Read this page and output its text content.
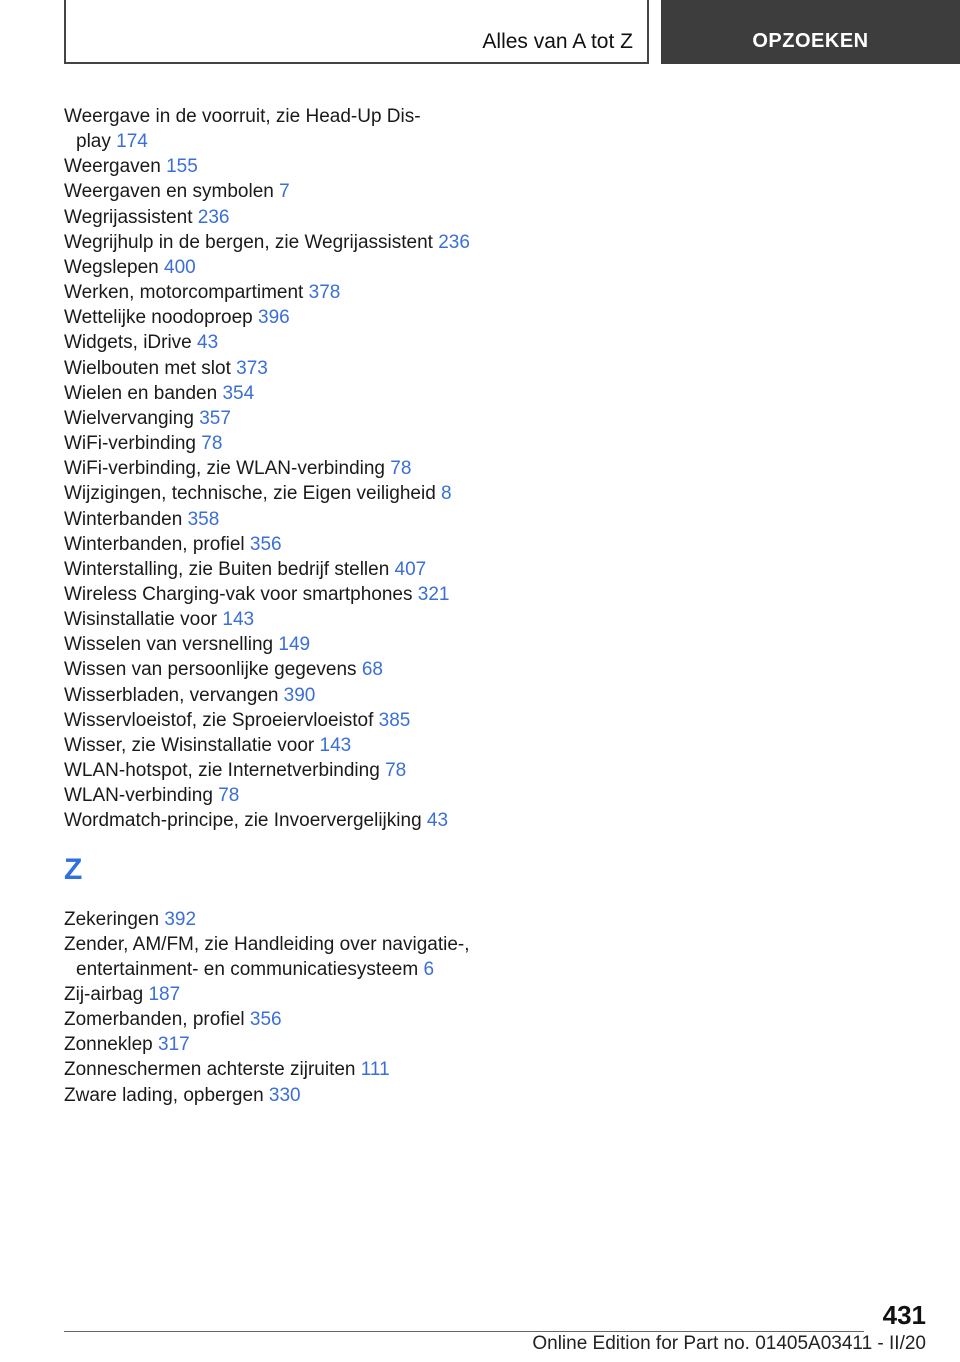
Alles van A tot Z	OPZOEKEN
Weergave in de voorruit, zie Head-Up Dis-
play 174
Weergaven 155
Weergaven en symbolen 7
Wegrijassistent 236
Wegrijhulp in de bergen, zie Wegrijassistent 236
Wegslepen 400
Werken, motorcompartiment 378
Wettelijke noodoproep 396
Widgets, iDrive 43
Wielbouten met slot 373
Wielen en banden 354
Wielvervanging 357
WiFi-verbinding 78
WiFi-verbinding, zie WLAN-verbinding 78
Wijzigingen, technische, zie Eigen veiligheid 8
Winterbanden 358
Winterbanden, profiel 356
Winterstalling, zie Buiten bedrijf stellen 407
Wireless Charging-vak voor smartphones 321
Wisinstallatie voor 143
Wisselen van versnelling 149
Wissen van persoonlijke gegevens 68
Wisserbladen, vervangen 390
Wisservloeistof, zie Sproeiervloeistof 385
Wisser, zie Wisinstallatie voor 143
WLAN-hotspot, zie Internetverbinding 78
WLAN-verbinding 78
Wordmatch-principe, zie Invoervergelijking 43
Z
Zekeringen 392
Zender, AM/FM, zie Handleiding over navigatie-,
entertainment- en communicatiesysteem 6
Zij-airbag 187
Zomerbanden, profiel 356
Zonneklep 317
Zonneschermen achterste zijruiten 111
Zware lading, opbergen 330
431
Online Edition for Part no. 01405A03411 - II/20
